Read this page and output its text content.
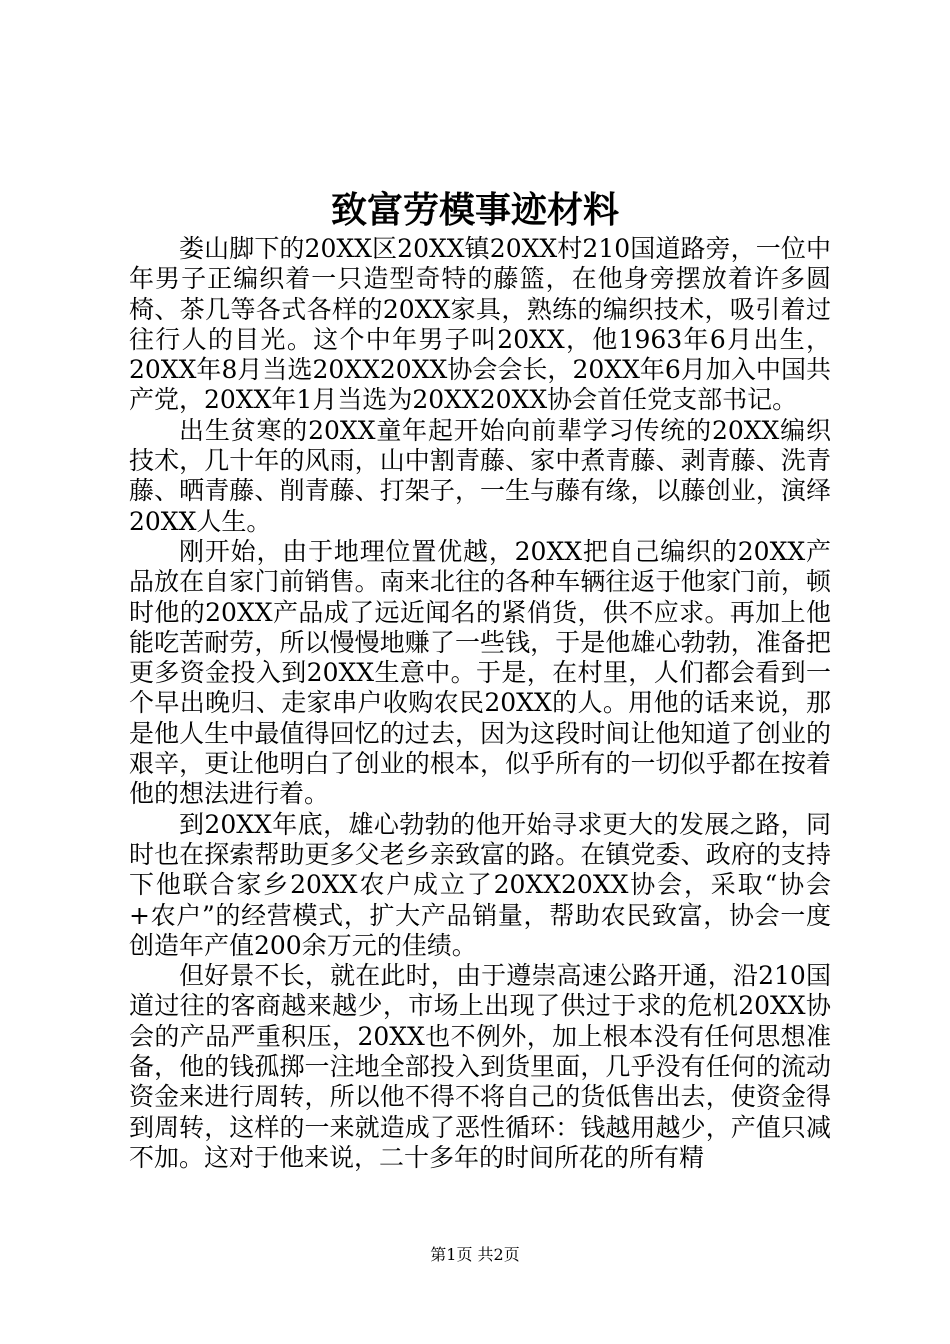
致富劳模事迹材料

娄山脚下的20XX区20XX镇20XX村210国道路旁，一位中年男子正编织着一只造型奇特的藤篮，在他身旁摆放着许多圆椅、茶几等各式各样的20XX家具，熟练的编织技术，吸引着过往行人的目光。这个中年男子叫20XX，他1963年6月出生，20XX年8月当选20XX20XX协会会长，20XX年6月加入中国共产党，20XX年1月当选为20XX20XX协会首任党支部书记。

出生贫寒的20XX童年起开始向前辈学习传统的20XX编织技术，几十年的风雨，山中割青藤、家中煮青藤、剥青藤、洗青藤、晒青藤、削青藤、打架子，一生与藤有缘，以藤创业，演绎20XX人生。

刚开始，由于地理位置优越，20XX把自己编织的20XX产品放在自家门前销售。南来北往的各种车辆往返于他家门前，顿时他的20XX产品成了远近闻名的紧俏货，供不应求。再加上他能吃苦耐劳，所以慢慢地赚了一些钱，于是他雄心勃勃，准备把更多资金投入到20XX生意中。于是，在村里，人们都会看到一个早出晚归、走家串户收购农民20XX的人。用他的话来说，那是他人生中最值得回忆的过去，因为这段时间让他知道了创业的艰辛，更让他明白了创业的根本，似乎所有的一切似乎都在按着他的想法进行着。

到20XX年底，雄心勃勃的他开始寻求更大的发展之路，同时也在探索帮助更多父老乡亲致富的路。在镇党委、政府的支持下他联合家乡20XX农户成立了20XX20XX协会，采取“协会+农户”的经营模式，扩大产品销量，帮助农民致富，协会一度创造年产值200余万元的佳绩。

但好景不长，就在此时，由于遵崇高速公路开通，沿210国道过往的客商越来越少，市场上出现了供过于求的危机20XX协会的产品严重积压，20XX也不例外，加上根本没有任何思想准备，他的钱孤掷一注地全部投入到货里面，几乎没有任何的流动资金来进行周转，所以他不得不将自己的货低售出去，使资金得到周转，这样的一来就造成了恶性循环：钱越用越少，产值只减不加。这对于他来说，二十多年的时间所花的所有精

第1页 共2页
